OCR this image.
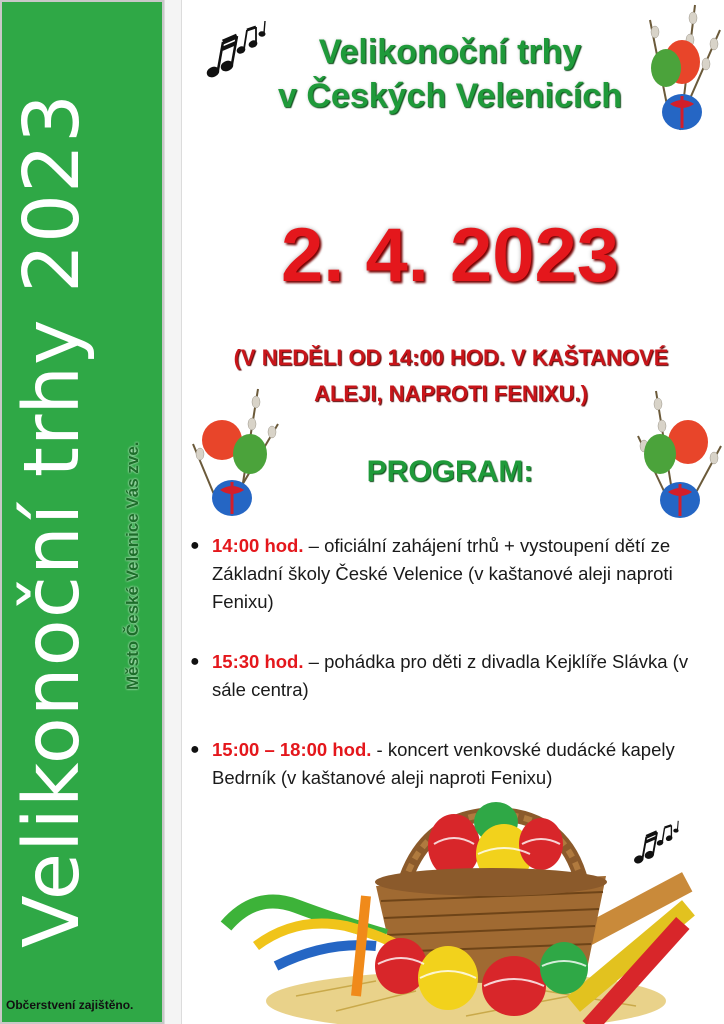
Velikonoční trhy 2023	Město České Velenice Vás zve.
Občerstvení zajištěno.
Velikonoční trhy
v Českých Velenicích
2. 4. 2023
(V NEDĚLI OD 14:00 HOD. V KAŠTANOVÉ
ALEJI, NAPROTI FENIXU.)
PROGRAM:
● 14:00 hod. – oficiální zahájení trhů + vystoupení dětí ze Základní školy České Velenice (v kaštanové aleji naproti Fenixu)
● 15:30 hod. – pohádka pro děti z divadla Kejklíře Slávka (v sále centra)
● 15:00 – 18:00 hod. - koncert venkovské dudácké kapely Bedrník (v kaštanové aleji naproti Fenixu)
